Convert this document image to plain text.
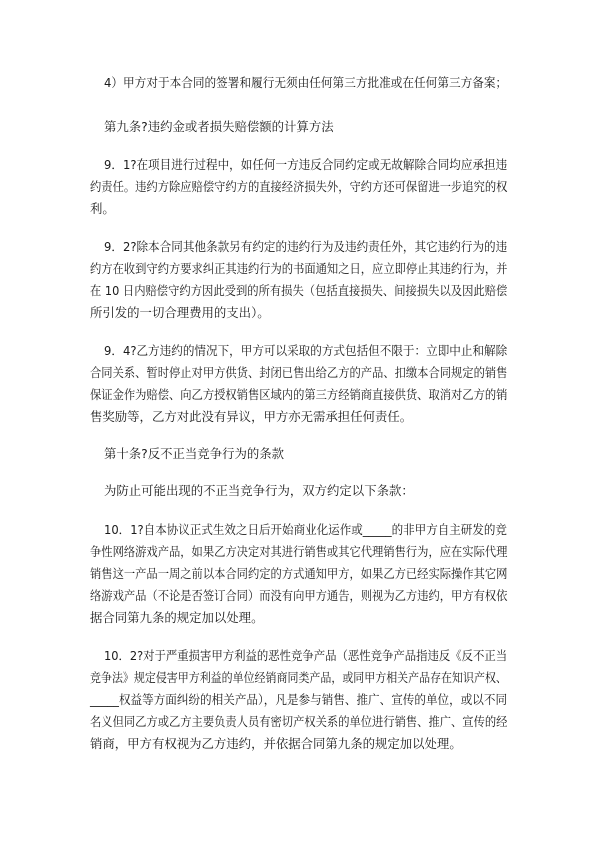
4）甲方对于本合同的签署和履行无须由任何第三方批准或在任何第三方备案；
第九条?违约金或者损失赔偿额的计算方法
9．1?在项目进行过程中，如任何一方违反合同约定或无故解除合同均应承担违
约责任。违约方除应赔偿守约方的直接经济损失外，守约方还可保留进一步追究的权
利。
9．2?除本合同其他条款另有约定的违约行为及违约责任外，其它违约行为的违
约方在收到守约方要求纠正其违约行为的书面通知之日，应立即停止其违约行为，并
在 10 日内赔偿守约方因此受到的所有损失（包括直接损失、间接损失以及因此赔偿
所引发的一切合理费用的支出）。
9．4?乙方违约的情况下，甲方可以采取的方式包括但不限于：立即中止和解除
合同关系、暂时停止对甲方供货、封闭已售出给乙方的产品、扣缴本合同规定的销售
保证金作为赔偿、向乙方授权销售区域内的第三方经销商直接供货、取消对乙方的销
售奖励等，乙方对此没有异议，甲方亦无需承担任何责任。
第十条?反不正当竞争行为的条款
为防止可能出现的不正当竞争行为，双方约定以下条款：
10．1?自本协议正式生效之日后开始商业化运作或_____的非甲方自主研发的竞
争性网络游戏产品，如果乙方决定对其进行销售或其它代理销售行为，应在实际代理
销售这一产品一周之前以本合同约定的方式通知甲方，如果乙方已经实际操作其它网
络游戏产品（不论是否签订合同）而没有向甲方通告，则视为乙方违约，甲方有权依
据合同第九条的规定加以处理。
10．2?对于严重损害甲方利益的恶性竞争产品（恶性竞争产品指违反《反不正当
竞争法》规定侵害甲方利益的单位经销商同类产品，或同甲方相关产品存在知识产权、
_____权益等方面纠纷的相关产品），凡是参与销售、推广、宣传的单位，或以不同
名义但同乙方或乙方主要负责人员有密切产权关系的单位进行销售、推广、宣传的经
销商，甲方有权视为乙方违约，并依据合同第九条的规定加以处理。
